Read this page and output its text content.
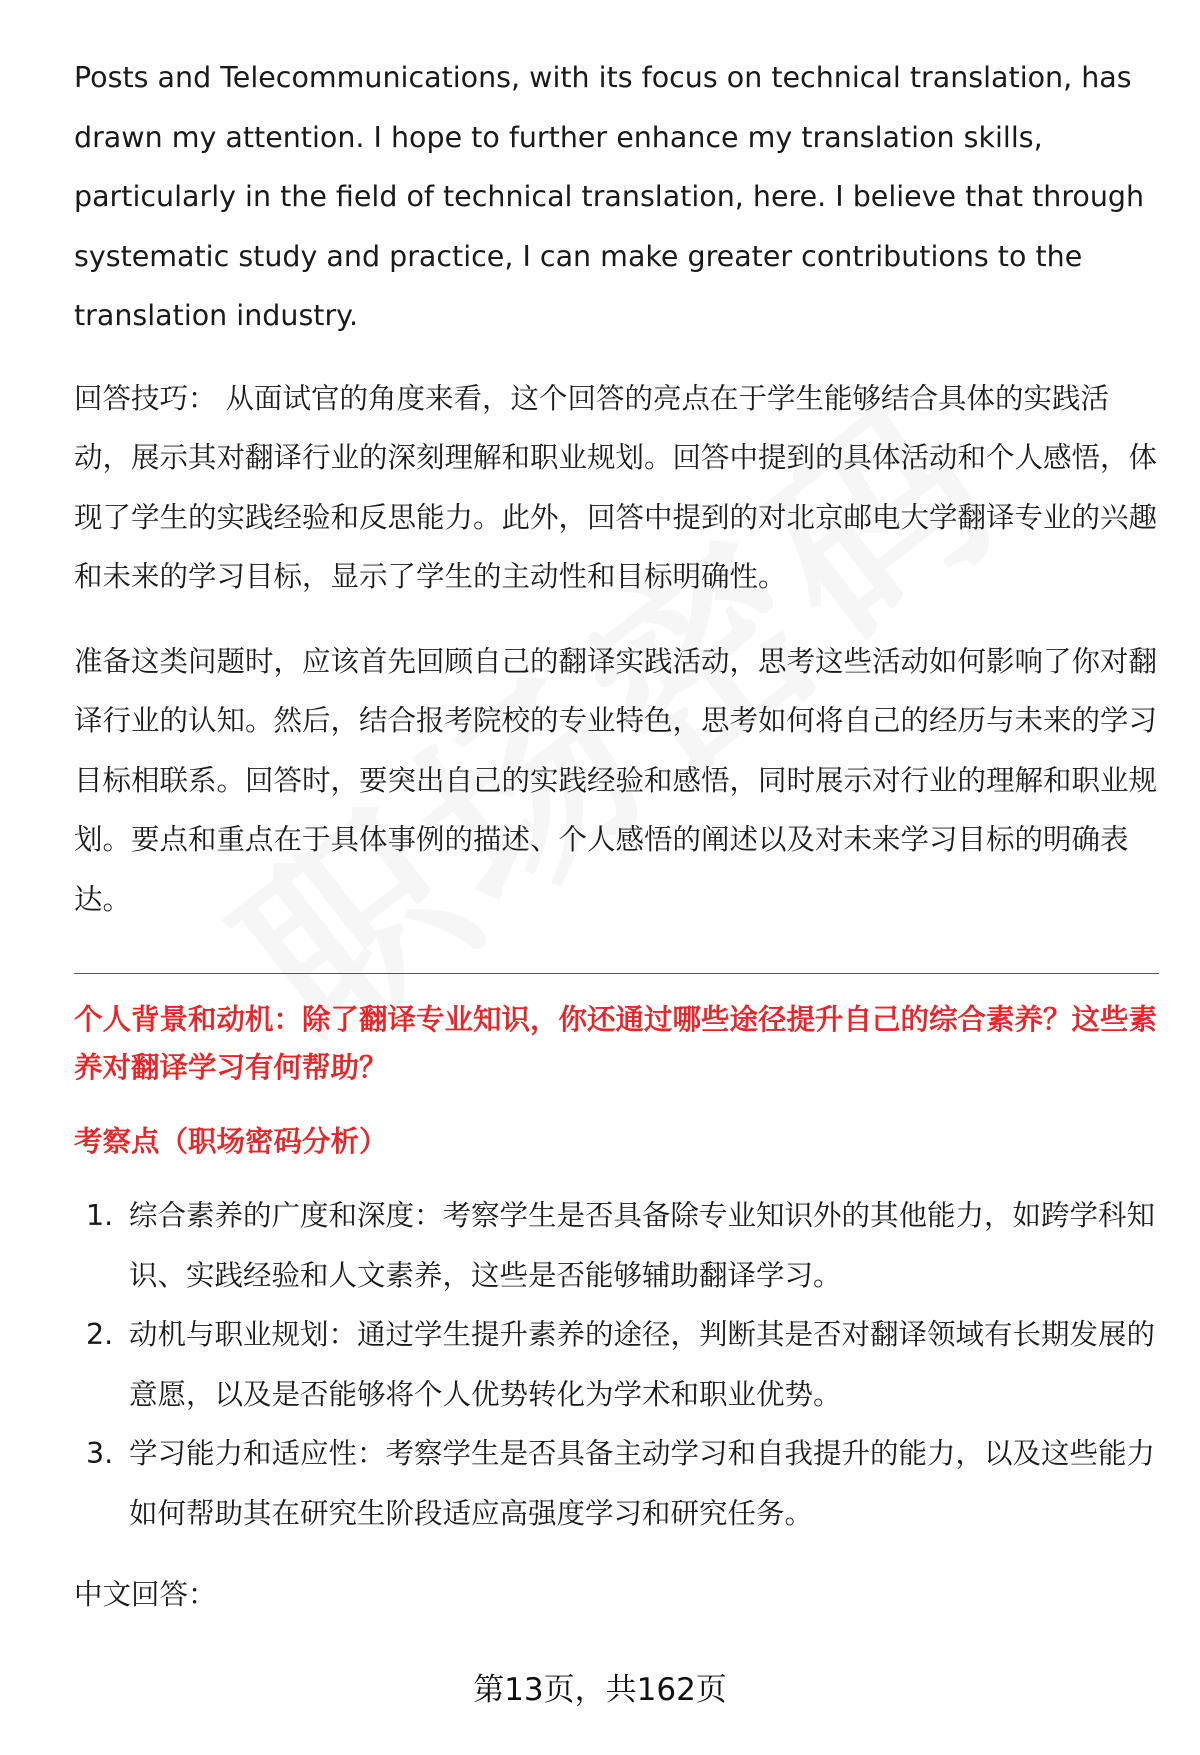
Posts and Telecommunications, with its focus on technical translation, has drawn my attention. I hope to further enhance my translation skills, particularly in the field of technical translation, here. I believe that through systematic study and practice, I can make greater contributions to the translation industry.

回答技巧： 从面试官的角度来看，这个回答的亮点在于学生能够结合具体的实践活动，展示其对翻译行业的深刻理解和职业规划。回答中提到的具体活动和个人感悟，体现了学生的实践经验和反思能力。此外，回答中提到的对北京邮电大学翻译专业的兴趣和未来的学习目标，显示了学生的主动性和目标明确性。

准备这类问题时，应该首先回顾自己的翻译实践活动，思考这些活动如何影响了你对翻译行业的认知。然后，结合报考院校的专业特色，思考如何将自己的经历与未来的学习目标相联系。回答时，要突出自己的实践经验和感悟，同时展示对行业的理解和职业规划。要点和重点在于具体事例的描述、个人感悟的阐述以及对未来学习目标的明确表达。

个人背景和动机：除了翻译专业知识，你还通过哪些途径提升自己的综合素养？这些素养对翻译学习有何帮助？

考察点（职场密码分析）

1. 综合素养的广度和深度：考察学生是否具备除专业知识外的其他能力，如跨学科知识、实践经验和人文素养，这些是否能够辅助翻译学习。
2. 动机与职业规划：通过学生提升素养的途径，判断其是否对翻译领域有长期发展的意愿，以及是否能够将个人优势转化为学术和职业优势。
3. 学习能力和适应性：考察学生是否具备主动学习和自我提升的能力，以及这些能力如何帮助其在研究生阶段适应高强度学习和研究任务。

中文回答：

第13页，共162页
